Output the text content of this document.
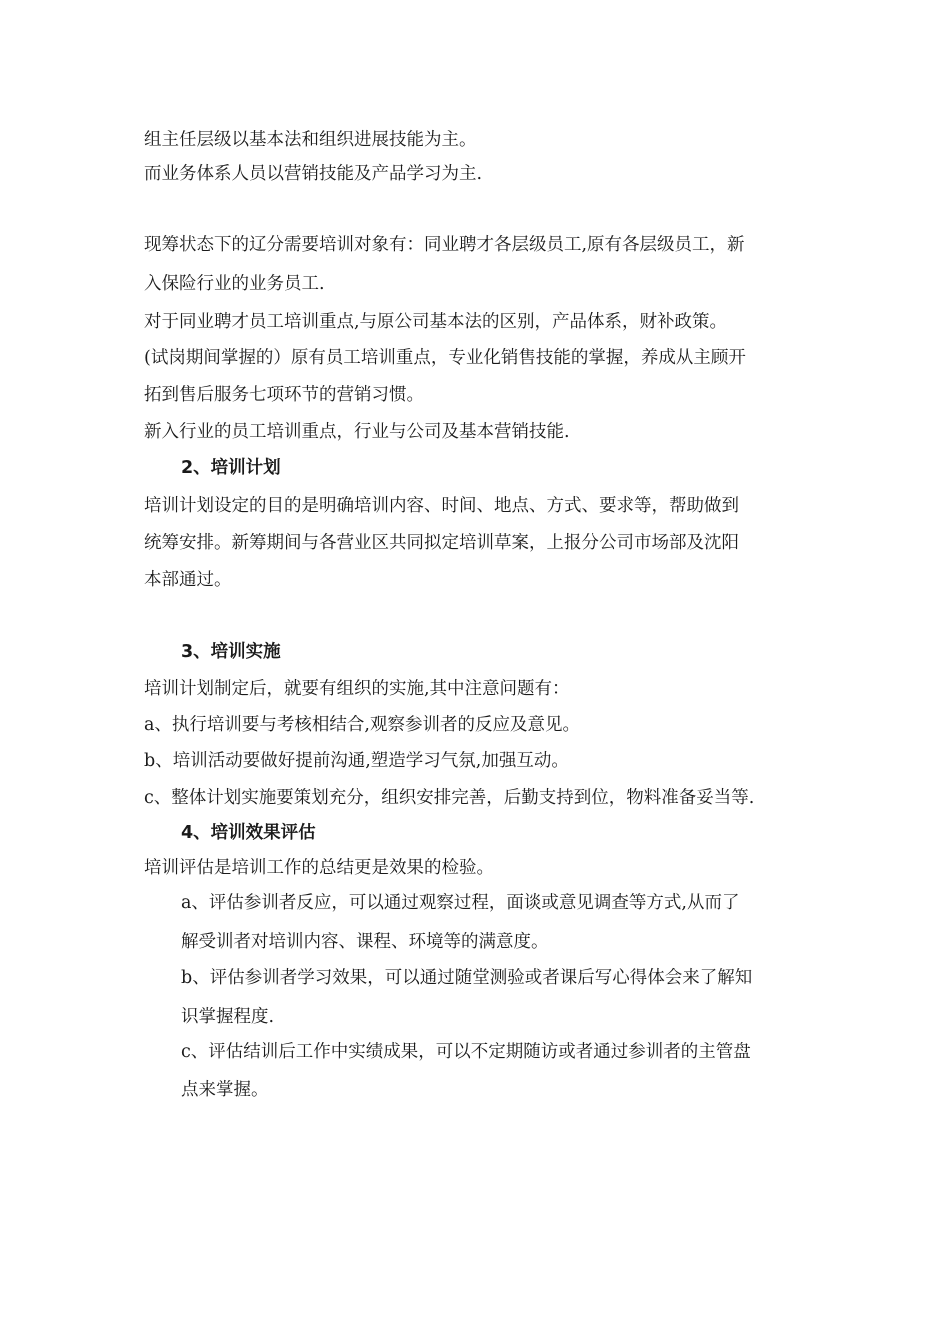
组主任层级以基本法和组织进展技能为主。
而业务体系人员以营销技能及产品学习为主.
现筹状态下的辽分需要培训对象有：同业聘才各层级员工,原有各层级员工，新
入保险行业的业务员工.
对于同业聘才员工培训重点,与原公司基本法的区别，产品体系，财补政策。
(试岗期间掌握的）原有员工培训重点，专业化销售技能的掌握，养成从主顾开
拓到售后服务七项环节的营销习惯。
新入行业的员工培训重点，行业与公司及基本营销技能.
2、培训计划
培训计划设定的目的是明确培训内容、时间、地点、方式、要求等，帮助做到
统筹安排。新筹期间与各营业区共同拟定培训草案，上报分公司市场部及沈阳
本部通过。
3、培训实施
培训计划制定后，就要有组织的实施,其中注意问题有：
a、执行培训要与考核相结合,观察参训者的反应及意见。
b、培训活动要做好提前沟通,塑造学习气氛,加强互动。
c、整体计划实施要策划充分，组织安排完善，后勤支持到位，物料准备妥当等.
4、培训效果评估
培训评估是培训工作的总结更是效果的检验。
a、评估参训者反应，可以通过观察过程，面谈或意见调查等方式,从而了
解受训者对培训内容、课程、环境等的满意度。
b、评估参训者学习效果，可以通过随堂测验或者课后写心得体会来了解知
识掌握程度.
c、评估结训后工作中实绩成果，可以不定期随访或者通过参训者的主管盘
点来掌握。
